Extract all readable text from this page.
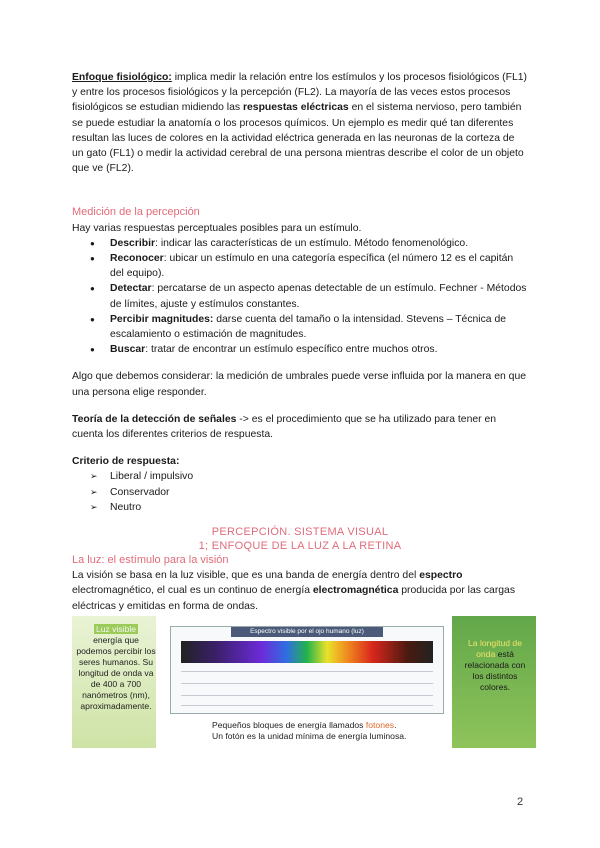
Enfoque fisiológico: implica medir la relación entre los estímulos y los procesos fisiológicos (FL1) y entre los procesos fisiológicos y la percepción (FL2). La mayoría de las veces estos procesos fisiológicos se estudian midiendo las respuestas eléctricas en el sistema nervioso, pero también se puede estudiar la anatomía o los procesos químicos. Un ejemplo es medir qué tan diferentes resultan las luces de colores en la actividad eléctrica generada en las neuronas de la corteza de un gato (FL1) o medir la actividad cerebral de una persona mientras describe el color de un objeto que ve (FL2).

Medición de la percepción

Hay varias respuestas perceptuales posibles para un estímulo.

● Describir: indicar las características de un estímulo. Método fenomenológico.
● Reconocer: ubicar un estímulo en una categoría específica (el número 12 es el capitán del equipo).
● Detectar: percatarse de un aspecto apenas detectable de un estímulo. Fechner - Métodos de límites, ajuste y estímulos constantes.
● Percibir magnitudes: darse cuenta del tamaño o la intensidad. Stevens – Técnica de escalamiento o estimación de magnitudes.
● Buscar: tratar de encontrar un estímulo específico entre muchos otros.

Algo que debemos considerar: la medición de umbrales puede verse influida por la manera en que una persona elige responder.

Teoría de la detección de señales -> es el procedimiento que se ha utilizado para tener en cuenta los diferentes criterios de respuesta.

Criterio de respuesta:

➢ Liberal / impulsivo
➢ Conservador
➢ Neutro

PERCEPCIÓN. SISTEMA VISUAL

1; ENFOQUE DE LA LUZ A LA RETINA

La luz: el estímulo para la visión

La visión se basa en la luz visible, que es una banda de energía dentro del espectro electromagnético, el cual es un continuo de energía electromagnética producida por las cargas eléctricas y emitidas en forma de ondas.

Luz visible
energía que podemos percibir los seres humanos. Su longitud de onda va de 400 a 700 nanómetros (nm), aproximadamente.
Espectro visible por el ojo humano (luz)
La longitud de onda está relacionada con los distintos colores.
Pequeños bloques de energía llamados fotones.
Un fotón es la unidad mínima de energía luminosa.
2
